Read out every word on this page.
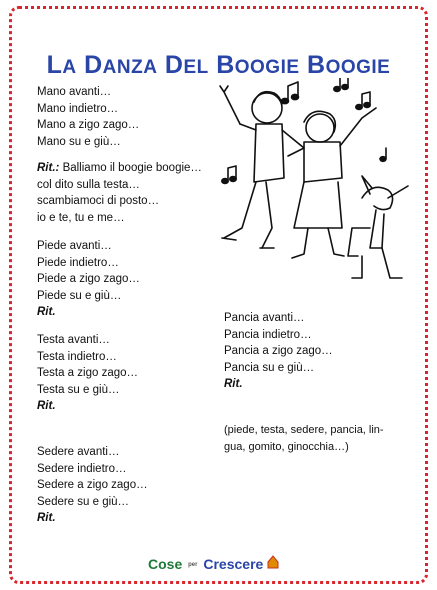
LA DANZA DEL BOOGIE BOOGIE
Mano avanti…
Mano indietro…
Mano a zigo zago…
Mano su e giù…
Rit.: Balliamo il boogie boogie…
col dito sulla testa…
scambiamoci di posto…
io e te, tu e me…
Piede avanti…
Piede indietro…
Piede a zigo zago…
Piede su e giù…
Rit.
Testa avanti…
Testa indietro…
Testa a zigo zago…
Testa su e giù…
Rit.
Sedere avanti…
Sedere indietro…
Sedere a zigo zago…
Sedere su e giù…
Rit.
Pancia avanti…
Pancia indietro…
Pancia a zigo zago…
Pancia su e giù…
Rit.
(piede, testa, sedere, pancia, lin-
gua, gomito, ginocchia…)
Cose per Crescere
